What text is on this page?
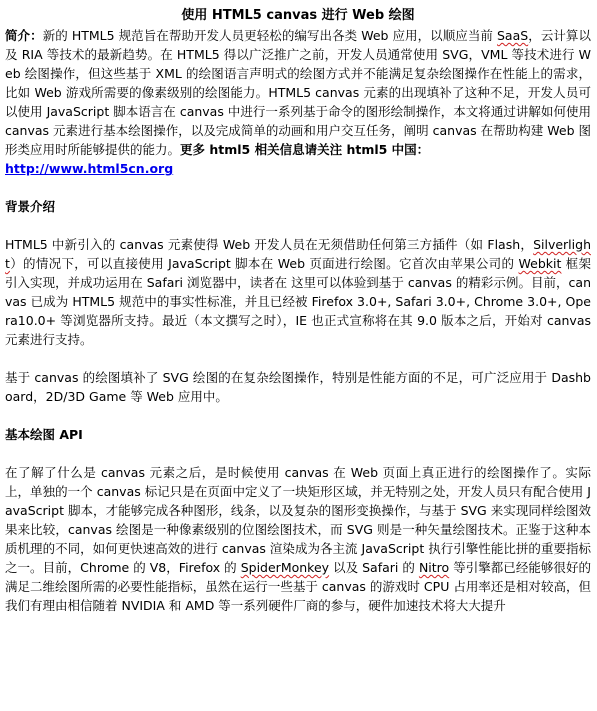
使用 HTML5 canvas 进行 Web 绘图

简介：新的 HTML5 规范旨在帮助开发人员更轻松的编写出各类 Web 应用，以顺应当前 SaaS，云计算以及 RIA 等技术的最新趋势。在 HTML5 得以广泛推广之前，开发人员通常使用 SVG，VML 等技术进行 Web 绘图操作，但这些基于 XML 的绘图语言声明式的绘图方式并不能满足复杂绘图操作在性能上的需求，比如 Web 游戏所需要的像素级别的绘图能力。HTML5 canvas 元素的出现填补了这种不足，开发人员可以使用 JavaScript 脚本语言在 canvas 中进行一系列基于命令的图形绘制操作，本文将通过讲解如何使用 canvas 元素进行基本绘图操作，以及完成简单的动画和用户交互任务，阐明 canvas 在帮助构建 Web 图形类应用时所能够提供的能力。更多 html5 相关信息请关注 html5 中国：

http://www.html5cn.org
背景介绍

HTML5 中新引入的 canvas 元素使得 Web 开发人员在无须借助任何第三方插件（如 Flash，Silverlight）的情况下，可以直接使用 JavaScript 脚本在 Web 页面进行绘图。它首次由苹果公司的 Webkit 框架引入实现，并成功运用在 Safari 浏览器中，读者在 这里可以体验到基于 canvas 的精彩示例。目前，canvas 已成为 HTML5 规范中的事实性标准，并且已经被 Firefox 3.0+, Safari 3.0+, Chrome 3.0+, Opera10.0+ 等浏览器所支持。最近（本文撰写之时），IE 也正式宣称将在其 9.0 版本之后，开始对 canvas 元素进行支持。

基于 canvas 的绘图填补了 SVG 绘图的在复杂绘图操作，特别是性能方面的不足，可广泛应用于 Dashboard，2D/3D Game 等 Web 应用中。

基本绘图 API

在了解了什么是 canvas 元素之后，是时候使用 canvas 在 Web 页面上真正进行的绘图操作了。实际上，单独的一个 canvas 标记只是在页面中定义了一块矩形区域，并无特别之处，开发人员只有配合使用 JavaScript 脚本，才能够完成各种图形，线条，以及复杂的图形变换操作，与基于 SVG 来实现同样绘图效果来比较，canvas 绘图是一种像素级别的位图绘图技术，而 SVG 则是一种矢量绘图技术。正鉴于这种本质机理的不同，如何更快速高效的进行 canvas 渲染成为各主流 JavaScript 执行引擎性能比拼的重要指标之一。目前，Chrome 的 V8，Firefox 的 SpiderMonkey 以及 Safari 的 Nitro 等引擎都已经能够很好的满足二维绘图所需的必要性能指标，虽然在运行一些基于 canvas 的游戏时 CPU 占用率还是相对较高，但我们有理由相信随着 NVIDIA 和 AMD 等一系列硬件厂商的参与，硬件加速技术将大大提升
